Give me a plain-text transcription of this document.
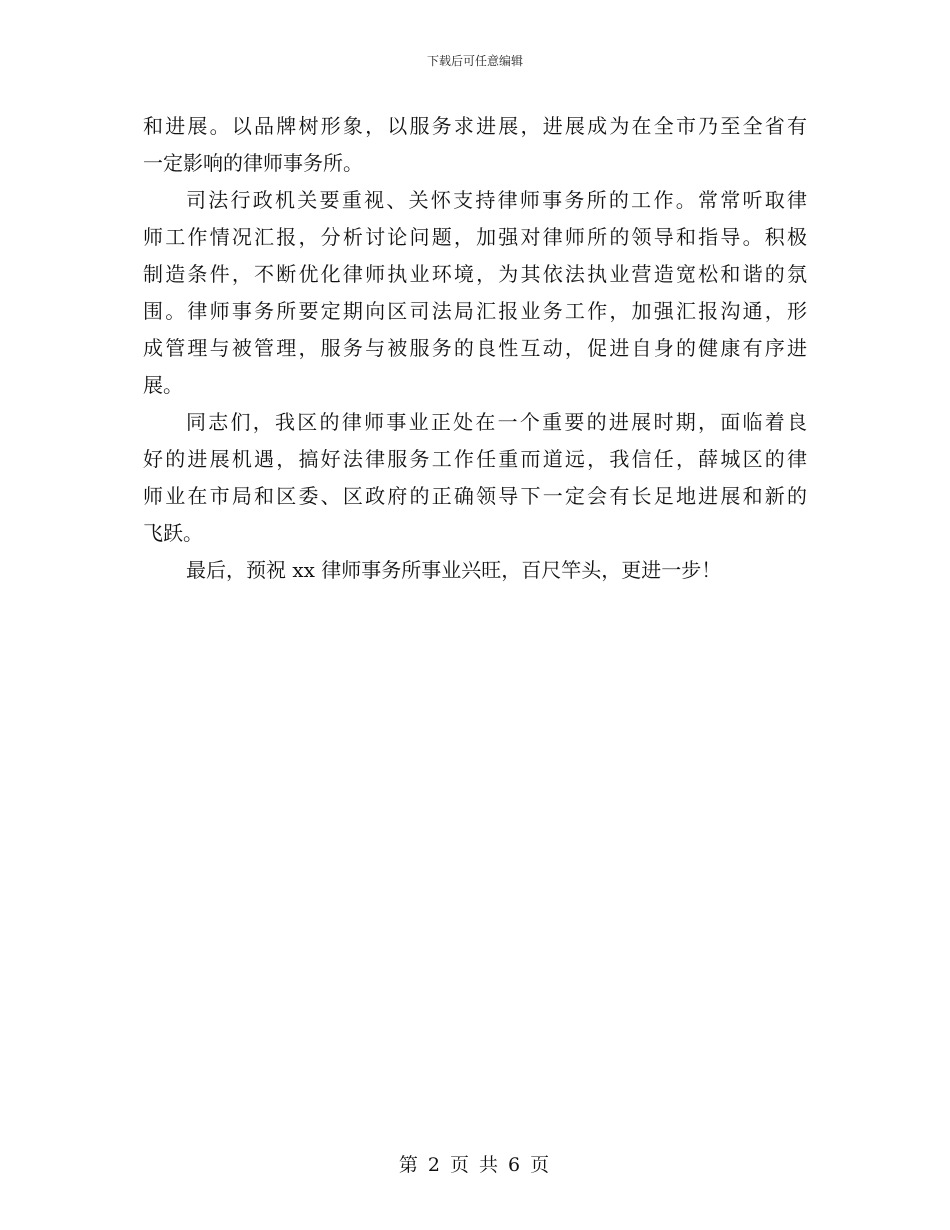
下载后可任意编辑
和进展。以品牌树形象，以服务求进展，进展成为在全市乃至全省有
一定影响的律师事务所。
司法行政机关要重视、关怀支持律师事务所的工作。常常听取律
师工作情况汇报，分析讨论问题，加强对律师所的领导和指导。积极
制造条件，不断优化律师执业环境，为其依法执业营造宽松和谐的氛
围。律师事务所要定期向区司法局汇报业务工作，加强汇报沟通，形
成管理与被管理，服务与被服务的良性互动，促进自身的健康有序进
展。
同志们，我区的律师事业正处在一个重要的进展时期，面临着良
好的进展机遇，搞好法律服务工作任重而道远，我信任，薛城区的律
师业在市局和区委、区政府的正确领导下一定会有长足地进展和新的
飞跃。
最后，预祝 xx 律师事务所事业兴旺，百尺竿头，更进一步！
第 2 页 共 6 页
